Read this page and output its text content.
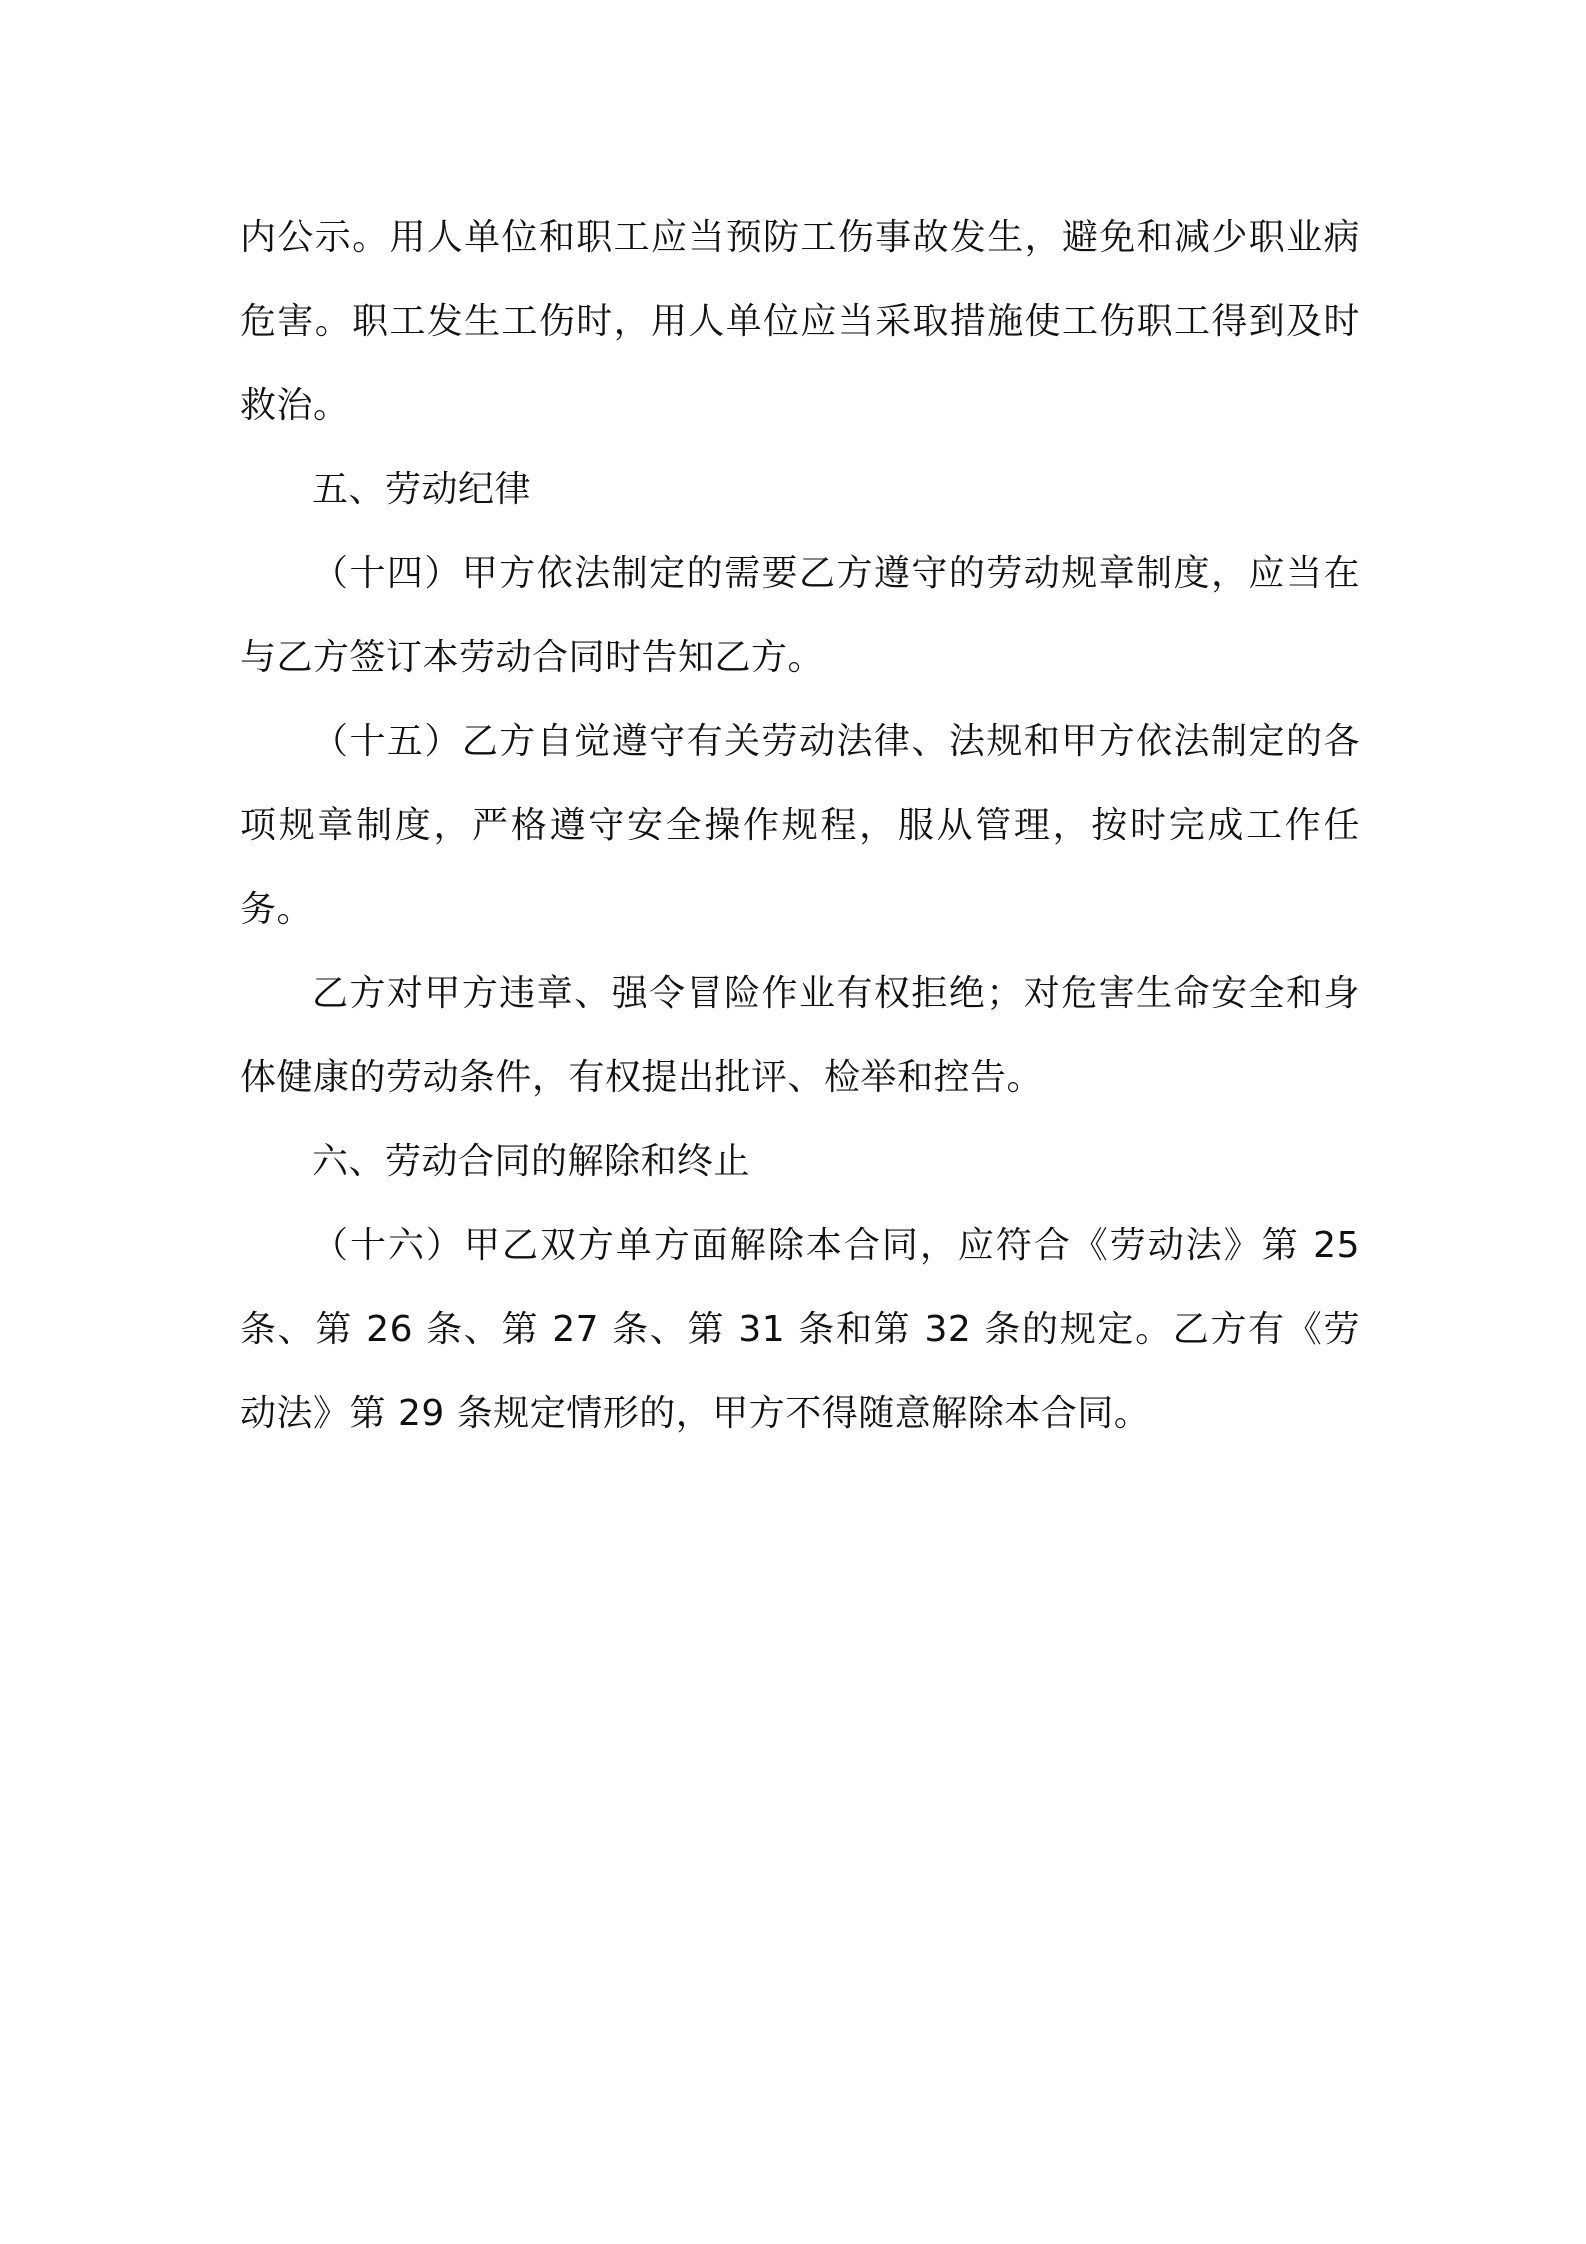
内公示。用人单位和职工应当预防工伤事故发生，避免和减少职业病危害。职工发生工伤时，用人单位应当采取措施使工伤职工得到及时救治。

五、劳动纪律

（十四）甲方依法制定的需要乙方遵守的劳动规章制度，应当在与乙方签订本劳动合同时告知乙方。

（十五）乙方自觉遵守有关劳动法律、法规和甲方依法制定的各项规章制度，严格遵守安全操作规程，服从管理，按时完成工作任务。

乙方对甲方违章、强令冒险作业有权拒绝；对危害生命安全和身体健康的劳动条件，有权提出批评、检举和控告。

六、劳动合同的解除和终止

（十六）甲乙双方单方面解除本合同，应符合《劳动法》第 25 条、第 26 条、第 27 条、第 31 条和第 32 条的规定。乙方有《劳动法》第 29 条规定情形的，甲方不得随意解除本合同。
